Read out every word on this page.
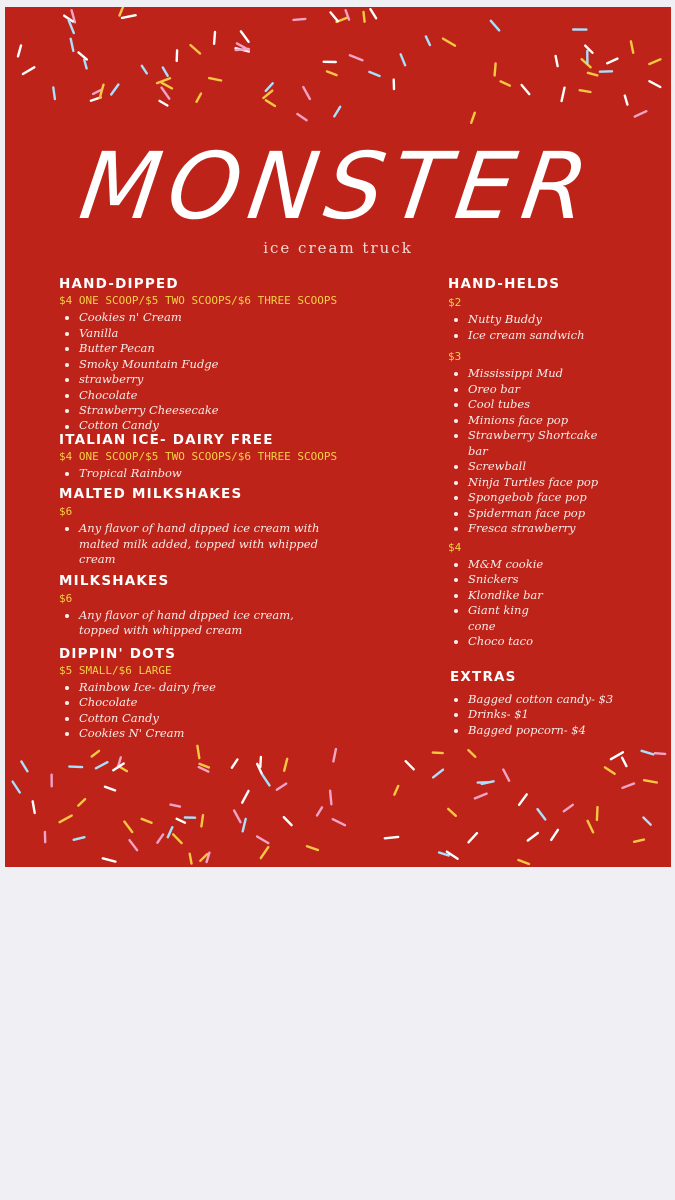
MONSTER
ice cream truck
HAND-DIPPED
$4 ONE SCOOP/$5 TWO SCOOPS/$6 THREE SCOOPS
Cookies n' Cream
Vanilla
Butter Pecan
Smoky Mountain Fudge
strawberry
Chocolate
Strawberry Cheesecake
Cotton Candy
ITALIAN ICE- DAIRY FREE
$4 ONE SCOOP/$5 TWO SCOOPS/$6 THREE SCOOPS
Tropical Rainbow
MALTED MILKSHAKES
$6
Any flavor of hand dipped ice cream with malted milk added, topped with whipped cream
MILKSHAKES
$6
Any flavor of hand dipped ice cream, topped with whipped cream
DIPPIN' DOTS
$5 SMALL/$6 LARGE
Rainbow Ice- dairy free
Chocolate
Cotton Candy
Cookies N' Cream
HAND-HELDS
$2
Nutty Buddy
Ice cream sandwich
$3
Mississippi Mud
Oreo bar
Cool tubes
Minions face pop
Strawberry Shortcake bar
Screwball
Ninja Turtles face pop
Spongebob face pop
Spiderman face pop
Fresca strawberry
$4
M&M cookie
Snickers
Klondike bar
Giant king cone
Choco taco
EXTRAS
Bagged cotton candy- $3
Drinks- $1
Bagged popcorn- $4
